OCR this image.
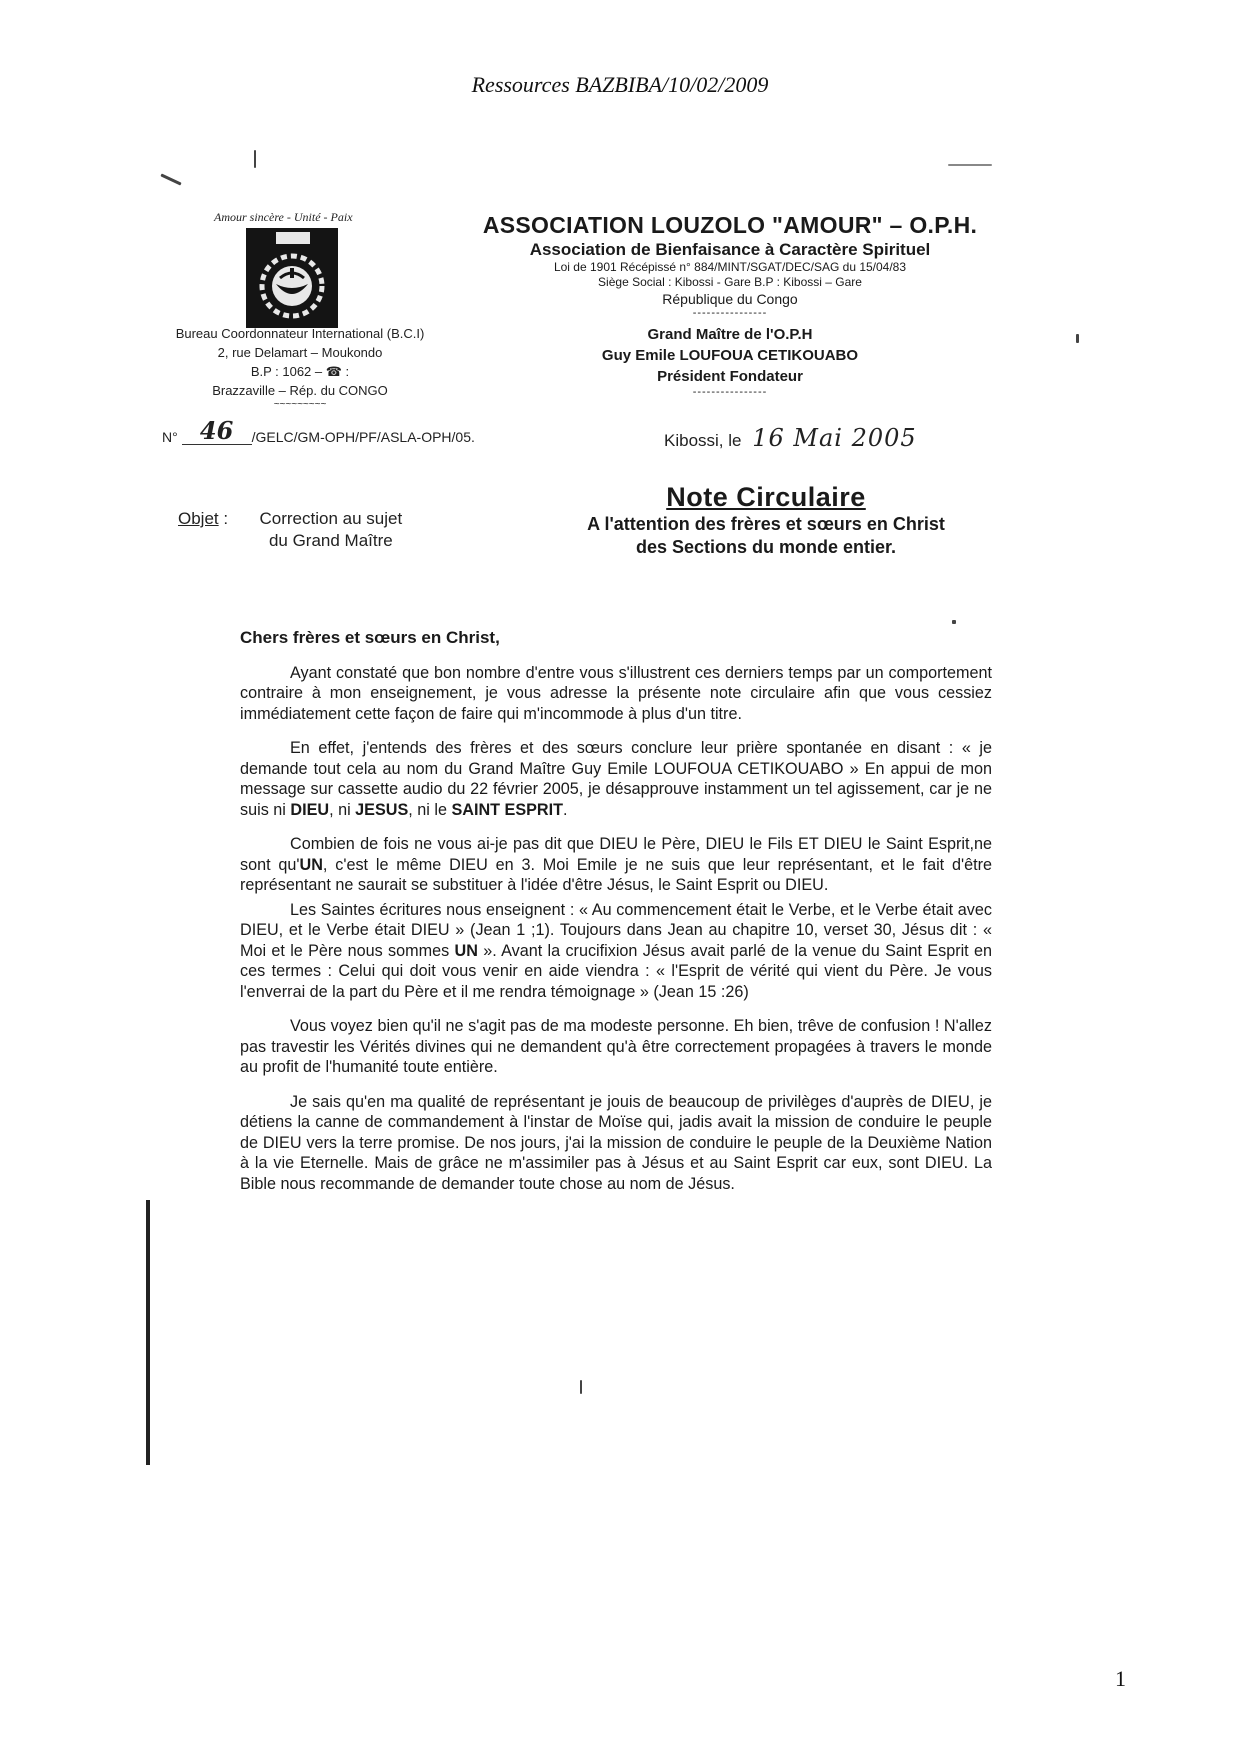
Ressources BAZBIBA/10/02/2009
Amour sincère - Unité - Paix
Bureau Coordonnateur International (B.C.I)
2, rue Delamart – Moukondo
B.P : 1062 – ☎ :
Brazzaville – Rép. du CONGO
~~~~~~~~~
N° 46 /GELC/GM-OPH/PF/ASLA-OPH/05.
ASSOCIATION LOUZOLO "AMOUR" – O.P.H.
Association de Bienfaisance à Caractère Spirituel
Loi de 1901 Récépissé n° 884/MINT/SGAT/DEC/SAG du 15/04/83
Siège Social : Kibossi - Gare B.P : Kibossi – Gare
République du Congo
----------------
Grand Maître de l'O.P.H
Guy Emile LOUFOUA CETIKOUABO
Président Fondateur
----------------
Kibossi, le 16 Mai 2005
Objet :	Correction au sujet
du Grand Maître
Note Circulaire
A l'attention des frères et sœurs en Christ
des Sections du monde entier.
Chers frères et sœurs en Christ,

Ayant constaté que bon nombre d'entre vous s'illustrent ces derniers temps par un comportement contraire à mon enseignement, je vous adresse la présente note circulaire afin que vous cessiez immédiatement cette façon de faire qui m'incommode à plus d'un titre.

En effet, j'entends des frères et des sœurs conclure leur prière spontanée en disant : « je demande tout cela au nom du Grand Maître Guy Emile LOUFOUA CETIKOUABO » En appui de mon message sur cassette audio du 22 février 2005, je désapprouve instamment un tel agissement, car je ne suis ni DIEU, ni JESUS, ni le SAINT ESPRIT.

Combien de fois ne vous ai-je pas dit que DIEU le Père, DIEU le Fils ET DIEU le Saint Esprit,ne sont qu'UN, c'est le même DIEU en 3. Moi Emile je ne suis que leur représentant, et le fait d'être représentant ne saurait se substituer à l'idée d'être Jésus, le Saint Esprit ou DIEU.

Les Saintes écritures nous enseignent : « Au commencement était le Verbe, et le Verbe était avec DIEU, et le Verbe était DIEU » (Jean 1 ;1). Toujours dans Jean au chapitre 10, verset 30, Jésus dit : « Moi et le Père nous sommes UN ». Avant la crucifixion Jésus avait parlé de la venue du Saint Esprit en ces termes : Celui qui doit vous venir en aide viendra : « l'Esprit de vérité qui vient du Père. Je vous l'enverrai de la part du Père et il me rendra témoignage » (Jean 15 :26)

Vous voyez bien qu'il ne s'agit pas de ma modeste personne. Eh bien, trêve de confusion ! N'allez pas travestir les Vérités divines qui ne demandent qu'à être correctement propagées à travers le monde au profit de l'humanité toute entière.

Je sais qu'en ma qualité de représentant je jouis de beaucoup de privilèges d'auprès de DIEU, je détiens la canne de commandement à l'instar de Moïse qui, jadis avait la mission de conduire le peuple de DIEU vers la terre promise. De nos jours, j'ai la mission de conduire le peuple de la Deuxième Nation à la vie Eternelle. Mais de grâce ne m'assimiler pas à Jésus et au Saint Esprit car eux, sont DIEU. La Bible nous recommande de demander toute chose au nom de Jésus.

1
